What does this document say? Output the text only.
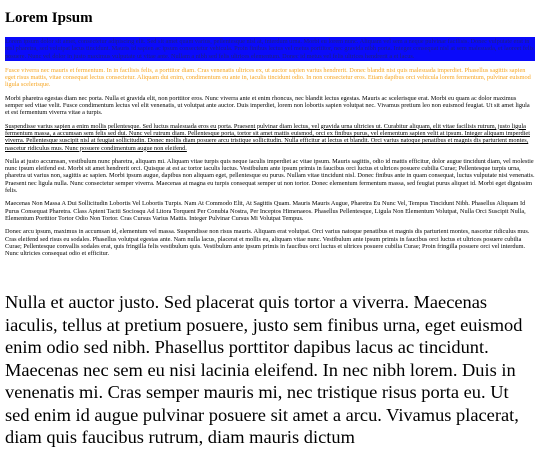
Lorem Ipsum

Lorem ipsum dolor sit amet, consectetur adipiscing elit. Sed sit amet quam varius, pellentesque nisl at, interdum urna. Morbi eu lorem nunc. Aliquam vel sem a neque pulvinar facilisis. Donec vulputate erat in nisl pharetra, sed volutpat lacus tincidunt. Mauris id sapien ac ipsum consectetur vehicula. Proin finibus lectus vel metus porttitor, nec gravida nibh porta. Integer consequat nisl at sem malesuada, et laoreet felis posuere. Nunc vel dolor in justo maximus vulputate ut vitae ante. Nullam a nibh sed felis ultrices elementum. Donec id metus vel felis ultrices hendrerit a et lacus.

Fusce viverra nec mauris et fermentum. In in facilisis felis, a porttitor diam. Cras venenatis ultrices ex, ut auctor sapien varius hendrerit. Donec blandit nisi quis malesuada imperdiet. Phasellus sagittis sapien eget risus mattis, vitae consequat lectus consectetur. Aliquam dui enim, condimentum eu ante in, iaculis tincidunt odio. In non consectetur eros. Etiam dapibus orci vehicula lorem fermentum, pulvinar euismod ligula scelerisque.

Morbi pharetra egestas diam nec porta. Nulla et gravida elit, non porttitor eros. Nunc viverra ante et enim rhoncus, nec blandit lectus egestas. Mauris ac scelerisque erat. Morbi eu quam ac dolor maximus semper sed vitae velit. Fusce condimentum lectus vel elit venenatis, ut volutpat ante auctor. Duis imperdiet, lorem non lobortis sapien volutpat nec. Vivamus pretium leo non euismod feugiat. Ut sit amet ligula et est fermentum viverra vitae a turpis.

Suspendisse varius sapien a enim mollis pellentesque. Sed luctus malesuada eros eu porta. Praesent pulvinar diam lectus, vel gravida urna ultricies ut. Curabitur aliquam, elit vitae facilisis rutrum, justo ligula fermentum massa, a accumsan sem felis sed dui. Nunc vel rutrum diam. Pellentesque porta, tortor sit amet mattis euismod, orci ex finibus purus, vel elementum sapien velit at ipsum. Integer aliquam imperdiet viverra. Pellentesque suscipit nisl at feugiat sollicitudin. Donec mollis diam posuere arcu tristique sollicitudin. Nulla efficitur at lectus et blandit. Orci varius natoque penatibus et magnis dis parturient montes, nascetur ridiculus mus. Nunc posuere condimentum augue non eleifend.

Nulla at justo accumsan, vestibulum nunc pharetra, aliquam mi. Aliquam vitae turpis quis neque iaculis imperdiet ac vitae ipsum. Mauris sagittis, odio id mattis efficitur, dolor augue tincidunt diam, vel molestie nunc ipsum eleifend est. Morbi sit amet hendrerit orci. Quisque at est ac tortor iaculis luctus. Vestibulum ante ipsum primis in faucibus orci luctus et ultrices posuere cubilia Curae; Pellentesque turpis urna, pharetra ut varius non, sagittis ac sapien. Morbi ipsum augue, dapibus non aliquam eget, pellentesque eu purus. Nullam vitae tincidunt nisl. Donec finibus ante in quam consequat, luctus vulputate nisi venenatis. Praesent nec ligula nulla. Nunc consectetur semper viverra. Maecenas at magna eu turpis consequat semper ut non tortor. Donec elementum fermentum massa, sed feugiat purus aliquet id. Morbi eget dignissim felis.

Maecenas Non Massa A Dui Sollicitudin Lobortis Vel Lobortis Turpis. Nam At Commodo Elit, At Sagittis Quam. Mauris Mauris Augue, Pharetra Eu Nunc Vel, Tempus Tincidunt Nibh. Phasellus Aliquam Id Purus Consequat Pharetra. Class Aptent Taciti Sociosqu Ad Litora Torquent Per Conubia Nostra, Per Inceptos Himenaeos. Phasellus Pellentesque, Ligula Non Elementum Volutpat, Nulla Orci Suscipit Nulla, Elementum Porttitor Tortor Odio Non Tortor. Cras Cursus Varius Mattis. Integer Pulvinar Cursus Mi Volutpat Tempus.

Donec arcu ipsum, maximus in accumsan id, elementum vel massa. Suspendisse non risus mauris. Aliquam erat volutpat. Orci varius natoque penatibus et magnis dis parturient montes, nascetur ridiculus mus. Cras eleifend sed risus eu sodales. Phasellus volutpat egestas ante. Nam nulla lacus, placerat et mollis eu, aliquam vitae nunc. Vestibulum ante ipsum primis in faucibus orci luctus et ultrices posuere cubilia Curae; Pellentesque convallis sodales erat, quis fringilla felis vestibulum quis. Vestibulum ante ipsum primis in faucibus orci luctus et ultrices posuere cubilia Curae; Proin fringilla posuere orci vel interdum. Nunc ultricies consequat odio et efficitur.

Nulla et auctor justo. Sed placerat quis tortor a viverra. Maecenas iaculis, tellus at pretium posuere, justo sem finibus urna, eget euismod enim odio sed nibh. Phasellus porttitor dapibus lacus ac tincidunt. Maecenas nec sem eu nisi lacinia eleifend. In nec nibh lorem. Duis in venenatis mi. Cras semper mauris mi, nec tristique risus porta eu. Ut sed enim id augue pulvinar posuere sit amet a arcu. Vivamus placerat, diam quis faucibus rutrum, diam mauris dictum
